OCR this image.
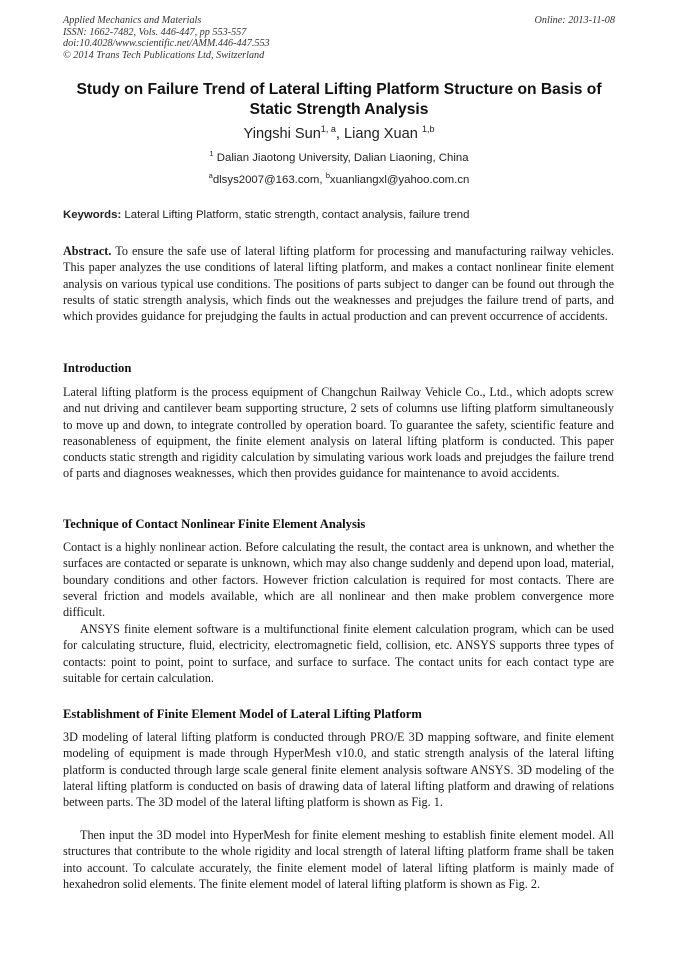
Applied Mechanics and Materials
ISSN: 1662-7482, Vols. 446-447, pp 553-557
doi:10.4028/www.scientific.net/AMM.446-447.553
© 2014 Trans Tech Publications Ltd, Switzerland
Online: 2013-11-08
Study on Failure Trend of Lateral Lifting Platform Structure on Basis of Static Strength Analysis
Yingshi Sun$^{1, a}$, Liang Xuan $^{1,b}$
$^1$ Dalian Jiaotong University, Dalian Liaoning, China
$^a$dlsys2007@163.com, $^b$xuanliangxl@yahoo.com.cn
Keywords: Lateral Lifting Platform, static strength, contact analysis, failure trend
Abstract. To ensure the safe use of lateral lifting platform for processing and manufacturing railway vehicles. This paper analyzes the use conditions of lateral lifting platform, and makes a contact nonlinear finite element analysis on various typical use conditions. The positions of parts subject to danger can be found out through the results of static strength analysis, which finds out the weaknesses and prejudges the failure trend of parts, and which provides guidance for prejudging the faults in actual production and can prevent occurrence of accidents.
Introduction
Lateral lifting platform is the process equipment of Changchun Railway Vehicle Co., Ltd., which adopts screw and nut driving and cantilever beam supporting structure, 2 sets of columns use lifting platform simultaneously to move up and down, to integrate controlled by operation board. To guarantee the safety, scientific feature and reasonableness of equipment, the finite element analysis on lateral lifting platform is conducted. This paper conducts static strength and rigidity calculation by simulating various work loads and prejudges the failure trend of parts and diagnoses weaknesses, which then provides guidance for maintenance to avoid accidents.
Technique of Contact Nonlinear Finite Element Analysis
Contact is a highly nonlinear action. Before calculating the result, the contact area is unknown, and whether the surfaces are contacted or separate is unknown, which may also change suddenly and depend upon load, material, boundary conditions and other factors. However friction calculation is required for most contacts. There are several friction and models available, which are all nonlinear and then make problem convergence more difficult.
ANSYS finite element software is a multifunctional finite element calculation program, which can be used for calculating structure, fluid, electricity, electromagnetic field, collision, etc. ANSYS supports three types of contacts: point to point, point to surface, and surface to surface. The contact units for each contact type are suitable for certain calculation.
Establishment of Finite Element Model of Lateral Lifting Platform
3D modeling of lateral lifting platform is conducted through PRO/E 3D mapping software, and finite element modeling of equipment is made through HyperMesh v10.0, and static strength analysis of the lateral lifting platform is conducted through large scale general finite element analysis software ANSYS. 3D modeling of the lateral lifting platform is conducted on basis of drawing data of lateral lifting platform and drawing of relations between parts. The 3D model of the lateral lifting platform is shown as Fig. 1.
Then input the 3D model into HyperMesh for finite element meshing to establish finite element model. All structures that contribute to the whole rigidity and local strength of lateral lifting platform frame shall be taken into account. To calculate accurately, the finite element model of lateral lifting platform is mainly made of hexahedron solid elements. The finite element model of lateral lifting platform is shown as Fig. 2.
